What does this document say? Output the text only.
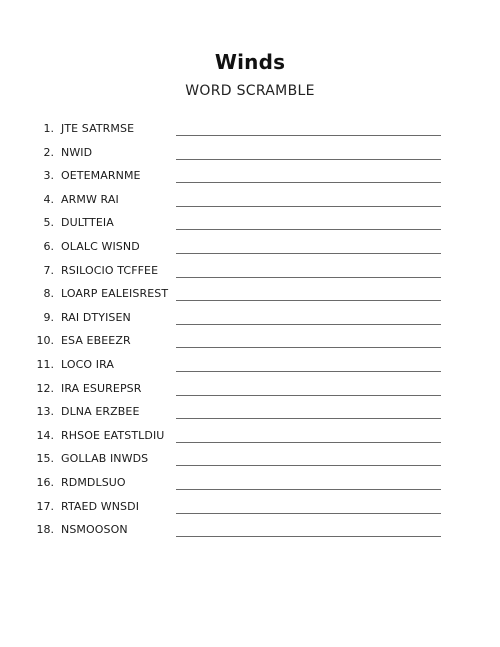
Winds
WORD SCRAMBLE
1. JTE SATRMSE
2. NWID
3. OETEMARNME
4. ARMW RAI
5. DULTTEIA
6. OLALC WISND
7. RSILOCIO TCFFEE
8. LOARP EALEISREST
9. RAI DTYISEN
10. ESA EBEEZR
11. LOCO IRA
12. IRA ESUREPSR
13. DLNA ERZBEE
14. RHSOE EATSTLDIU
15. GOLLAB INWDS
16. RDMDLSUO
17. RTAED WNSDI
18. NSMOOSON
